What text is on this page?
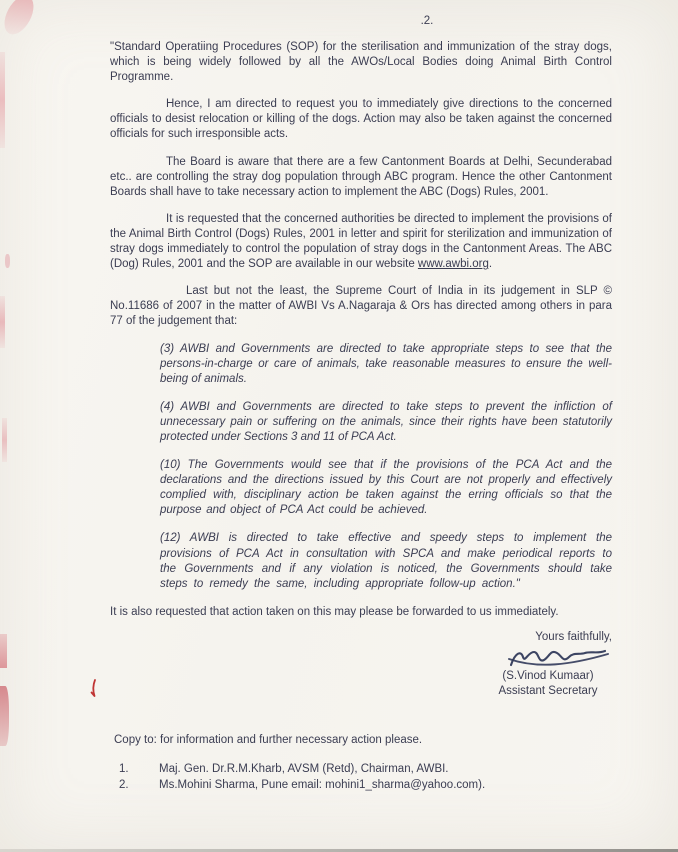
.2.

"Standard Operatiing Procedures (SOP) for the sterilisation and immunization of the stray dogs, which is being widely followed by all the AWOs/Local Bodies doing Animal Birth Control Programme.

Hence, I am directed to request you to immediately give directions to the concerned officials to desist relocation or killing of the dogs. Action may also be taken against the concerned officials for such irresponsible acts.

The Board is aware that there are a few Cantonment Boards at Delhi, Secunderabad etc.. are controlling the stray dog population through ABC program. Hence the other Cantonment Boards shall have to take necessary action to implement the ABC (Dogs) Rules, 2001.

It is requested that the concerned authorities be directed to implement the provisions of the Animal Birth Control (Dogs) Rules, 2001 in letter and spirit for sterilization and immunization of stray dogs immediately to control the population of stray dogs in the Cantonment Areas. The ABC (Dog) Rules, 2001 and the SOP are available in our website www.awbi.org.

Last but not the least, the Supreme Court of India in its judgement in SLP © No.11686 of 2007 in the matter of AWBI Vs A.Nagaraja & Ors has directed among others in para 77 of the judgement that:

(3) AWBI and Governments are directed to take appropriate steps to see that the persons-in-charge or care of animals, take reasonable measures to ensure the well-being of animals.

(4) AWBI and Governments are directed to take steps to prevent the infliction of unnecessary pain or suffering on the animals, since their rights have been statutorily protected under Sections 3 and 11 of PCA Act.

(10) The Governments would see that if the provisions of the PCA Act and the declarations and the directions issued by this Court are not properly and effectively complied with, disciplinary action be taken against the erring officials so that the purpose and object of PCA Act could be achieved.

(12) AWBI is directed to take effective and speedy steps to implement the provisions of PCA Act in consultation with SPCA and make periodical reports to the Governments and if any violation is noticed, the Governments should take steps to remedy the same, including appropriate follow-up action."

It is also requested that action taken on this may please be forwarded to us immediately.

Yours faithfully,
(S.Vinod Kumaar)
Assistant Secretary

Copy to: for information and further necessary action please.

1.	Maj. Gen. Dr.R.M.Kharb, AVSM (Retd), Chairman, AWBI.
2.	Ms.Mohini Sharma, Pune email: mohini1_sharma@yahoo.com).
